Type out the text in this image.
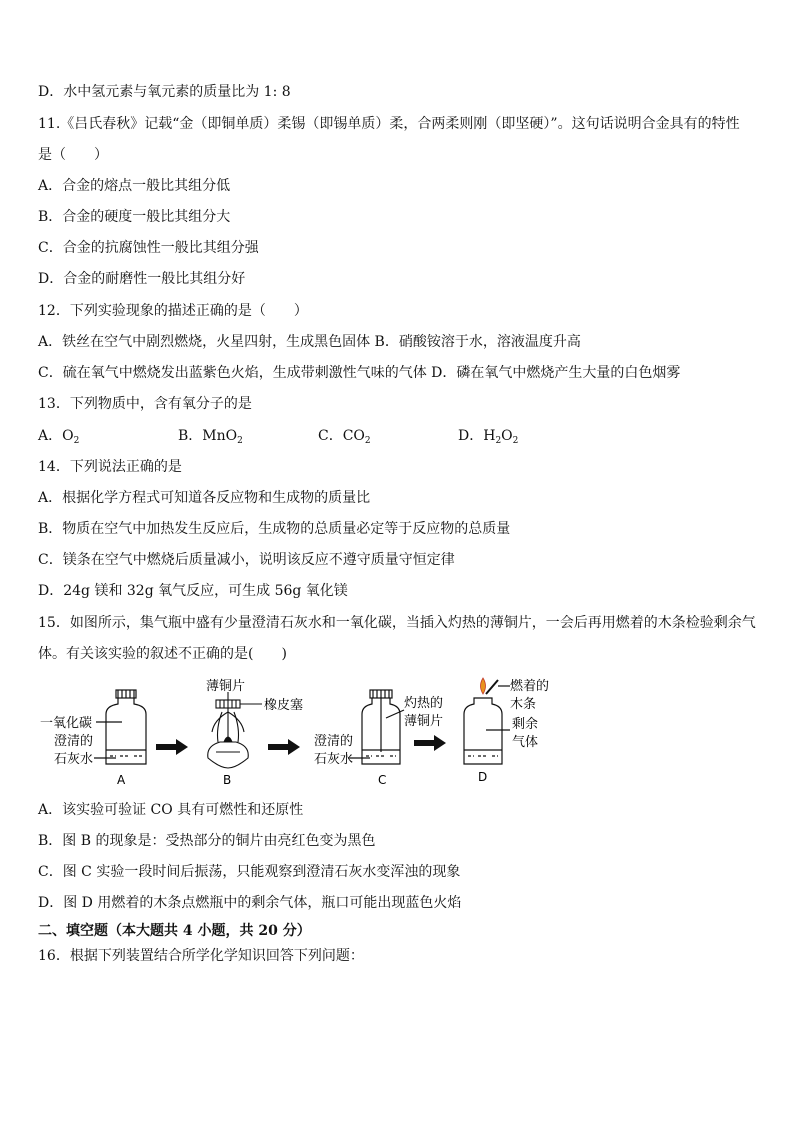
D．水中氢元素与氧元素的质量比为 1: 8
11.《吕氏春秋》记载“金（即铜单质）柔锡（即锡单质）柔，合两柔则刚（即坚硬）”。这句话说明合金具有的特性
是（　　）
A．合金的熔点一般比其组分低
B．合金的硬度一般比其组分大
C．合金的抗腐蚀性一般比其组分强
D．合金的耐磨性一般比其组分好
12．下列实验现象的描述正确的是（　　）
A．铁丝在空气中剧烈燃烧，火星四射，生成黑色固体 B．硝酸铵溶于水，溶液温度升高
C．硫在氧气中燃烧发出蓝紫色火焰，生成带刺激性气味的气体 D．磷在氧气中燃烧产生大量的白色烟雾
13．下列物质中，含有氧分子的是
A．$O_2$	B．MnO$_2$	C．$CO_2$	D．$H_2O_2$
14．下列说法正确的是
A．根据化学方程式可知道各反应物和生成物的质量比
B．物质在空气中加热发生反应后，生成物的总质量必定等于反应物的总质量
C．镁条在空气中燃烧后质量减小，说明该反应不遵守质量守恒定律
D．24g 镁和 32g 氧气反应，可生成 56g 氧化镁
15．如图所示，集气瓶中盛有少量澄清石灰水和一氧化碳，当插入灼热的薄铜片，一会后再用燃着的木条检验剩余气
体。有关该实验的叙述不正确的是(　　)
一氧化碳
澄清的
石灰水
A
薄铜片
橡皮塞
B
澄清的
石灰水
灼热的
薄铜片
C
燃着的
木条
剩余
气体
D
A．该实验可验证 CO 具有可燃性和还原性
B．图 B 的现象是：受热部分的铜片由亮红色变为黑色
C．图 C 实验一段时间后振荡，只能观察到澄清石灰水变浑浊的现象
D．图 D 用燃着的木条点燃瓶中的剩余气体，瓶口可能出现蓝色火焰
二、填空题（本大题共 4 小题，共 20 分）
16．根据下列装置结合所学化学知识回答下列问题：
